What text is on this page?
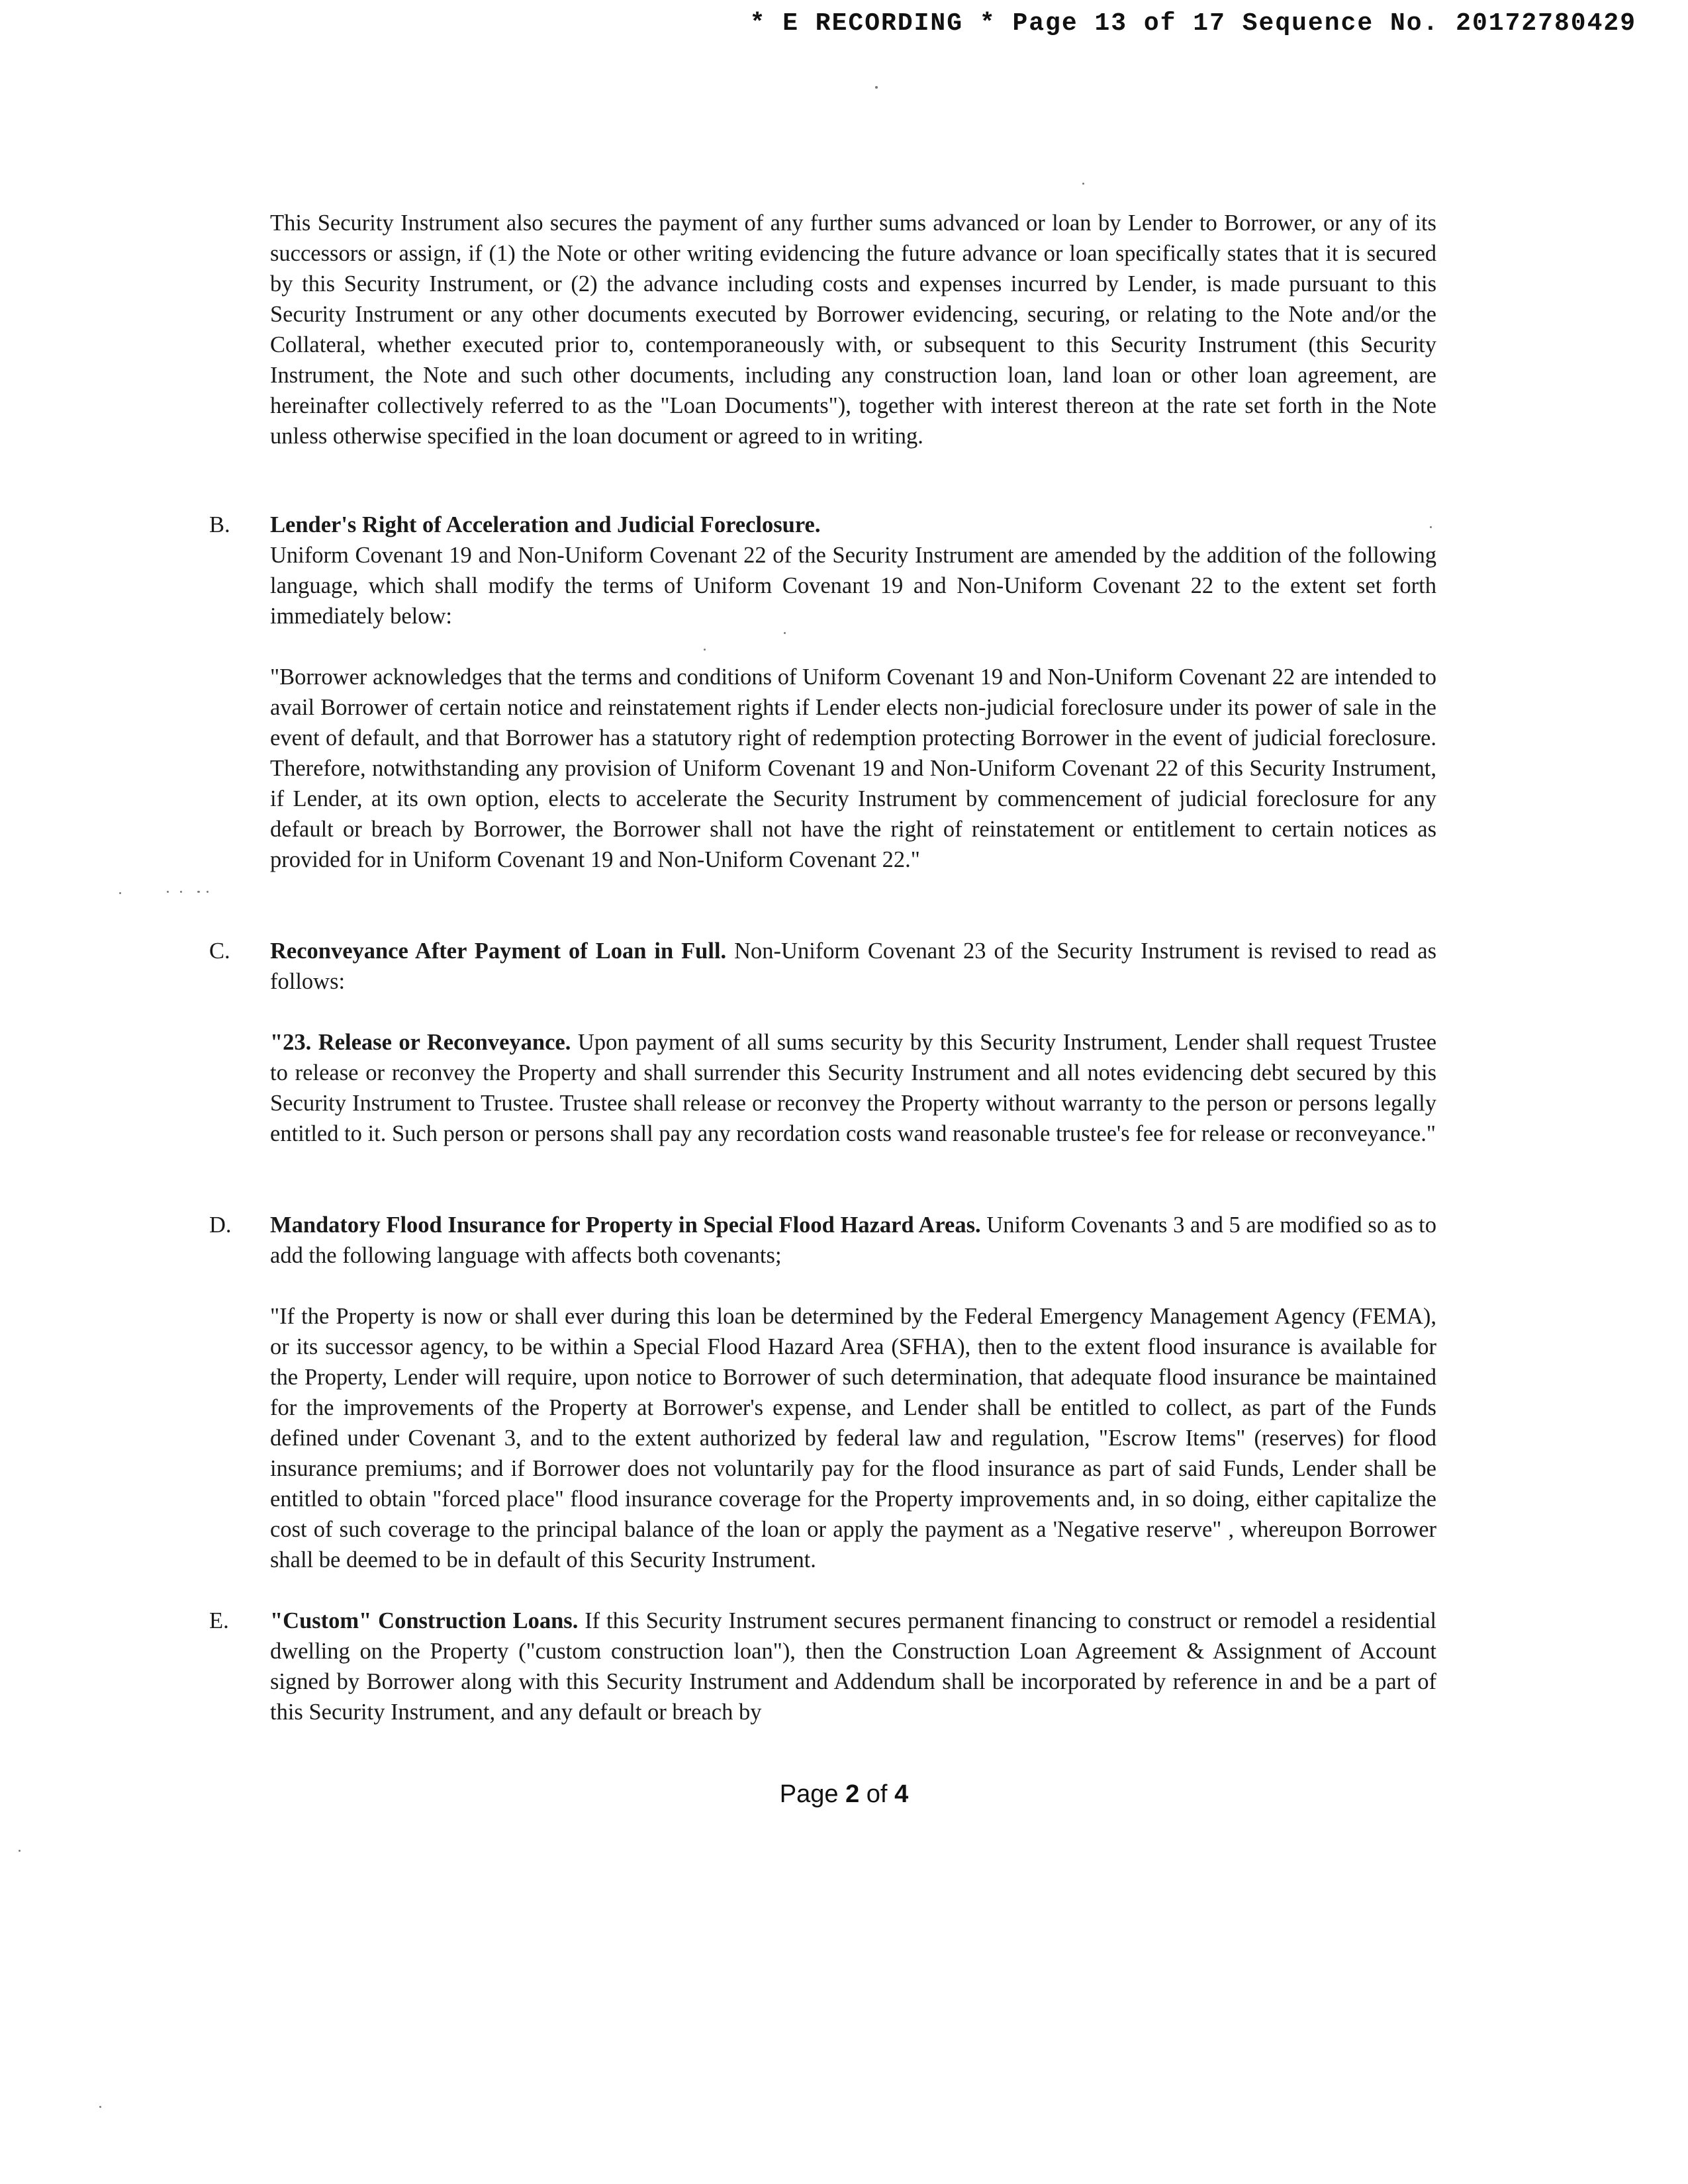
* E RECORDING * Page 13 of 17 Sequence No. 20172780429

This Security Instrument also secures the payment of any further sums advanced or loan by Lender to Borrower, or any of its successors or assign, if (1) the Note or other writing evidencing the future advance or loan specifically states that it is secured by this Security Instrument, or (2) the advance including costs and expenses incurred by Lender, is made pursuant to this Security Instrument or any other documents executed by Borrower evidencing, securing, or relating to the Note and/or the Collateral, whether executed prior to, contemporaneously with, or subsequent to this Security Instrument (this Security Instrument, the Note and such other documents, including any construction loan, land loan or other loan agreement, are hereinafter collectively referred to as the "Loan Documents"), together with interest thereon at the rate set forth in the Note unless otherwise specified in the loan document or agreed to in writing.

B. Lender's Right of Acceleration and Judicial Foreclosure.

Uniform Covenant 19 and Non-Uniform Covenant 22 of the Security Instrument are amended by the addition of the following language, which shall modify the terms of Uniform Covenant 19 and Non-Uniform Covenant 22 to the extent set forth immediately below:

"Borrower acknowledges that the terms and conditions of Uniform Covenant 19 and Non-Uniform Covenant 22 are intended to avail Borrower of certain notice and reinstatement rights if Lender elects non-judicial foreclosure under its power of sale in the event of default, and that Borrower has a statutory right of redemption protecting Borrower in the event of judicial foreclosure. Therefore, notwithstanding any provision of Uniform Covenant 19 and Non-Uniform Covenant 22 of this Security Instrument, if Lender, at its own option, elects to accelerate the Security Instrument by commencement of judicial foreclosure for any default or breach by Borrower, the Borrower shall not have the right of reinstatement or entitlement to certain notices as provided for in Uniform Covenant 19 and Non-Uniform Covenant 22."

C. Reconveyance After Payment of Loan in Full. Non-Uniform Covenant 23 of the Security Instrument is revised to read as follows:

"23. Release or Reconveyance. Upon payment of all sums security by this Security Instrument, Lender shall request Trustee to release or reconvey the Property and shall surrender this Security Instrument and all notes evidencing debt secured by this Security Instrument to Trustee. Trustee shall release or reconvey the Property without warranty to the person or persons legally entitled to it. Such person or persons shall pay any recordation costs wand reasonable trustee's fee for release or reconveyance."

D. Mandatory Flood Insurance for Property in Special Flood Hazard Areas. Uniform Covenants 3 and 5 are modified so as to add the following language with affects both covenants;

"If the Property is now or shall ever during this loan be determined by the Federal Emergency Management Agency (FEMA), or its successor agency, to be within a Special Flood Hazard Area (SFHA), then to the extent flood insurance is available for the Property, Lender will require, upon notice to Borrower of such determination, that adequate flood insurance be maintained for the improvements of the Property at Borrower's expense, and Lender shall be entitled to collect, as part of the Funds defined under Covenant 3, and to the extent authorized by federal law and regulation, "Escrow Items" (reserves) for flood insurance premiums; and if Borrower does not voluntarily pay for the flood insurance as part of said Funds, Lender shall be entitled to obtain "forced place" flood insurance coverage for the Property improvements and, in so doing, either capitalize the cost of such coverage to the principal balance of the loan or apply the payment as a 'Negative reserve" , whereupon Borrower shall be deemed to be in default of this Security Instrument.

E. "Custom" Construction Loans. If this Security Instrument secures permanent financing to construct or remodel a residential dwelling on the Property ("custom construction loan"), then the Construction Loan Agreement & Assignment of Account signed by Borrower along with this Security Instrument and Addendum shall be incorporated by reference in and be a part of this Security Instrument, and any default or breach by

Page 2 of 4
